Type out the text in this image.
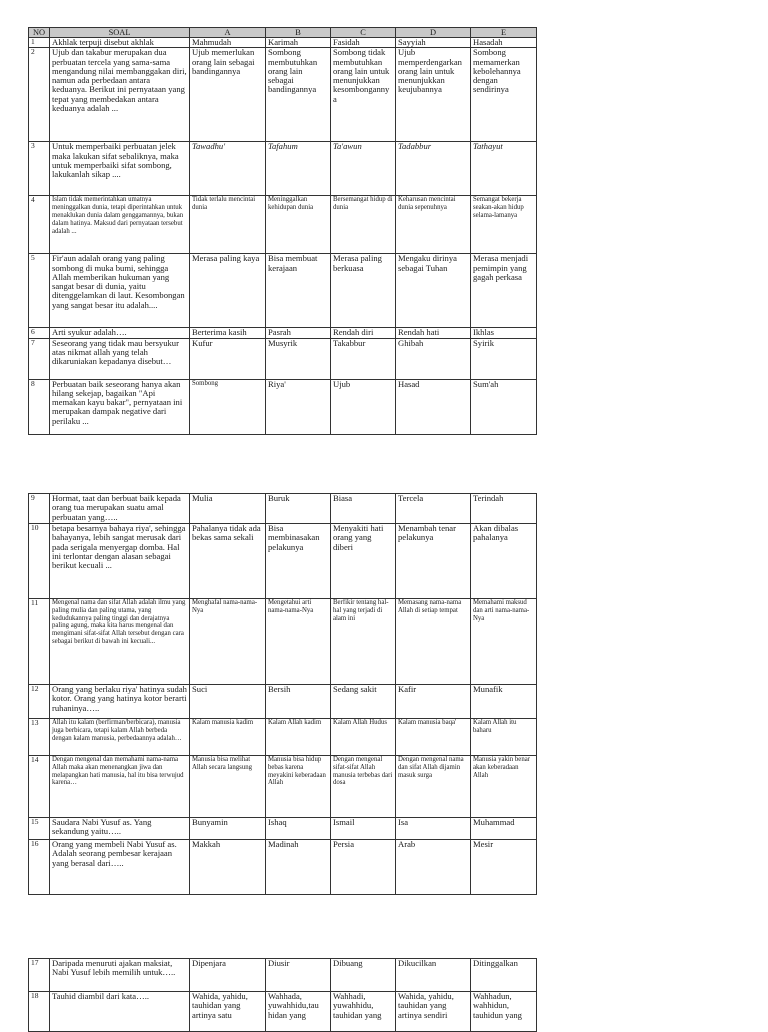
NO	SOAL	A	B	C	D	E
1	Akhlak terpuji disebut akhlak	Mahmudah	Karimah	Fasidah	Sayyiah	Hasadah
2	Ujub dan takabur merupakan dua perbuatan tercela yang sama-sama mengandung nilai membanggakan diri, namun ada perbedaan antara keduanya. Berikut ini pernyataan yang tepat yang membedakan antara keduanya adalah ...	Ujub memerlukan orang lain sebagai bandingannya	Sombong membutuhkan orang lain sebagai bandingannya	Sombong tidak membutuhkan orang lain untuk menunjukkan kesombongannya	Ujub memperdengarkan orang lain untuk menunjukkan keujubannya	Sombong memamerkan kebolehannya dengan sendirinya
3	Untuk memperbaiki perbuatan jelek maka lakukan sifat sebaliknya, maka untuk memperbaiki sifat sombong, lakukanlah sikap ....	Tawadhu'	Tafahum	Ta'awun	Tadabbur	Tathayut
4	Islam tidak memerintahkan umatnya meninggalkan dunia, tetapi diperintahkan untuk menaklukan dunia dalam genggamannya, bukan dalam hatinya. Maksud dari pernyataan tersebut adalah ...	Tidak terlalu mencintai dunia	Meninggalkan kehidupan dunia	Bersemangat hidup di dunia	Keharusan mencintai dunia sepenuhnya	Semangat bekerja seakan-akan hidup selama-lamanya
5	Fir'aun adalah orang yang paling sombong di muka bumi, sehingga Allah memberikan hukuman yang sangat besar di dunia, yaitu ditenggelamkan di laut. Kesombongan yang sangat besar itu adalah....	Merasa paling kaya	Bisa membuat kerajaan	Merasa paling berkuasa	Mengaku dirinya sebagai Tuhan	Merasa menjadi pemimpin yang gagah perkasa
6	Arti syukur adalah….	Berterima kasih	Pasrah	Rendah diri	Rendah hati	Ikhlas
7	Seseorang yang tidak mau bersyukur atas nikmat allah yang telah dikaruniakan kepadanya disebut…	Kufur	Musyrik	Takabbur	Ghibah	Syirik
8	Perbuatan baik seseorang hanya akan hilang sekejap, bagaikan "Api memakan kayu bakar", pernyataan ini merupakan dampak negative dari perilaku ...	Sombong	Riya'	Ujub	Hasad	Sum'ah
9	Hormat, taat dan berbuat baik kepada orang tua merupakan suatu amal perbuatan yang…..	Mulia	Buruk	Biasa	Tercela	Terindah
10	betapa besarnya bahaya riya', sehingga bahayanya, lebih sangat merusak dari pada serigala menyergap domba. Hal ini terlontar dengan alasan sebagai berikut kecuali ...	Pahalanya tidak ada bekas sama sekali	Bisa membinasakan pelakunya	Menyakiti hati orang yang diberi	Menambah tenar pelakunya	Akan dibalas pahalanya
11	Mengenal nama dan sifat Allah adalah ilmu yang paling mulia dan paling utama, yang kedudukannya paling tinggi dan derajatnya paling agung, maka kita harus mengenal dan mengimani sifat-sifat Allah tersebut dengan cara sebagai berikut di bawah ini kecuali...	Menghafal nama-nama-Nya	Mengetahui arti nama-nama-Nya	Berfikir tentang hal-hal yang terjadi di alam ini	Memasang nama-nama Allah di setiap tempat	Memahami maksud dan arti nama-nama-Nya
12	Orang yang berlaku riya' hatinya sudah kotor. Orang yang hatinya kotor berarti ruhaninya…..	Suci	Bersih	Sedang sakit	Kafir	Munafik
13	Allah itu kalam (berfirman/berbicara), manusia juga berbicara, tetapi kalam Allah berbeda dengan kalam manusia, perbedaannya adalah…	Kalam manusia kadim	Kalam Allah kadim	Kalam Allah Hudus	Kalam manusia baqa'	Kalam Allah itu baharu
14	Dengan mengenal dan memahami nama-nama Allah maka akan menenangkan jiwa dan melapangkan hati manusia, hal itu bisa terwujud karena…	Manusia bisa melihat Allah secara langsung	Manusia bisa hidup bebas karena meyakini keberadaan Allah	Dengan mengenal sifat-sifat Allah manusia terbebas dari dosa	Dengan mengenal nama dan sifat Allah dijamin masuk surga	Manusia yakin benar akan keberadaan Allah
15	Saudara Nabi Yusuf as. Yang sekandung yaitu…..	Bunyamin	Ishaq	Ismail	Isa	Muhammad
16	Orang yang membeli Nabi Yusuf as. Adalah seorang pembesar kerajaan yang berasal dari…..	Makkah	Madinah	Persia	Arab	Mesir
17	Daripada menuruti ajakan maksiat, Nabi Yusuf lebih memilih untuk…..	Dipenjara	Diusir	Dibuang	Dikucilkan	Ditinggalkan
18	Tauhid diambil dari kata…..	Wahida, yahidu, tauhidan yang artinya satu	Wahhada, yuwahhidu,tau hidan yang	Wahhadi, yuwahhidu, tauhidan yang	Wahida, yahidu, tauhidan yang artinya sendiri	Wahhadun, wahhidun, tauhidun yang
